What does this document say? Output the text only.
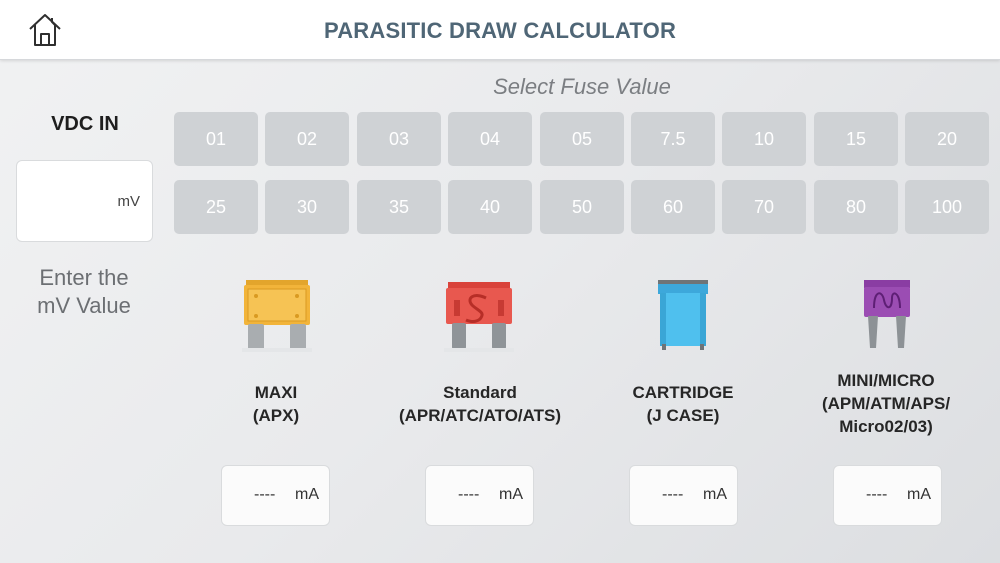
PARASITIC DRAW CALCULATOR
Select Fuse Value
VDC IN
mV
Enter the
mV Value
01	02	03	04	05	7.5	10	15	20
25	30	35	40	50	60	70	80	100
MAXI
(APX)
Standard
(APR/ATC/ATO/ATS)
CARTRIDGE
(J CASE)
MINI/MICRO
(APM/ATM/APS/
Micro02/03)
---- mA	---- mA	---- mA	---- mA
